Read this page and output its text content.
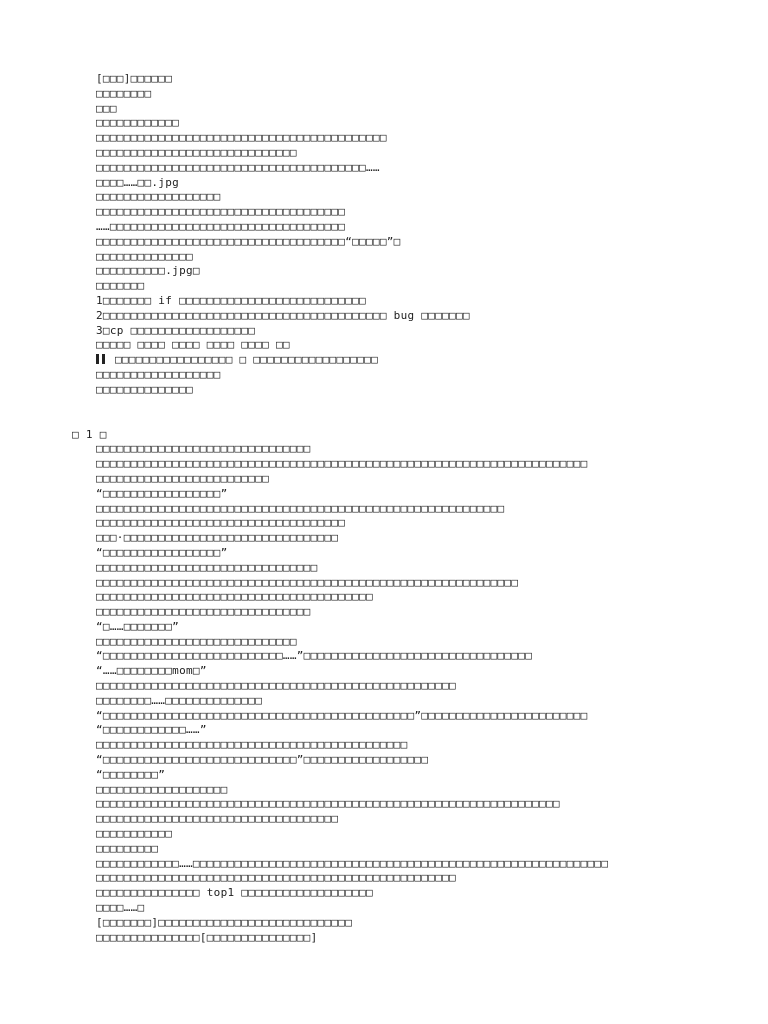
[□□□]□□□□□□
□□□□□□□□
□□□
□□□□□□□□□□□□
□□□□□□□□□□□□□□□□□□□□□□□□□□□□□□□□□□□□□□□□□□
□□□□□□□□□□□□□□□□□□□□□□□□□□□□□
□□□□□□□□□□□□□□□□□□□□□□□□□□□□□□□□□□□□□□□……
□□□□……□□.jpg
□□□□□□□□□□□□□□□□□□
□□□□□□□□□□□□□□□□□□□□□□□□□□□□□□□□□□□□
……□□□□□□□□□□□□□□□□□□□□□□□□□□□□□□□□□□
□□□□□□□□□□□□□□□□□□□□□□□□□□□□□□□□□□□□“□□□□□”□
□□□□□□□□□□□□□□
□□□□□□□□□□.jpg□
□□□□□□□
1□□□□□□□ if □□□□□□□□□□□□□□□□□□□□□□□□□□□
2□□□□□□□□□□□□□□□□□□□□□□□□□□□□□□□□□□□□□□□□□ bug □□□□□□□
3□cp □□□□□□□□□□□□□□□□□□
□□□□□ □□□□ □□□□ □□□□ □□□□ □□
□□□□□□□□□□□□□□□□□ □ □□□□□□□□□□□□□□□□□□
□□□□□□□□□□□□□□□□□□
□□□□□□□□□□□□□□
□ 1 □
□□□□□□□□□□□□□□□□□□□□□□□□□□□□□□□
□□□□□□□□□□□□□□□□□□□□□□□□□□□□□□□□□□□□□□□□□□□□□□□□□□□□□□□□□□□□□□□□□□□□□□□
□□□□□□□□□□□□□□□□□□□□□□□□□
“□□□□□□□□□□□□□□□□□”
□□□□□□□□□□□□□□□□□□□□□□□□□□□□□□□□□□□□□□□□□□□□□□□□□□□□□□□□□□□
□□□□□□□□□□□□□□□□□□□□□□□□□□□□□□□□□□□□
□□□·□□□□□□□□□□□□□□□□□□□□□□□□□□□□□□□
“□□□□□□□□□□□□□□□□□”
□□□□□□□□□□□□□□□□□□□□□□□□□□□□□□□□
□□□□□□□□□□□□□□□□□□□□□□□□□□□□□□□□□□□□□□□□□□□□□□□□□□□□□□□□□□□□□
□□□□□□□□□□□□□□□□□□□□□□□□□□□□□□□□□□□□□□□□
□□□□□□□□□□□□□□□□□□□□□□□□□□□□□□□
“□……□□□□□□□”
□□□□□□□□□□□□□□□□□□□□□□□□□□□□□
“□□□□□□□□□□□□□□□□□□□□□□□□□□……”□□□□□□□□□□□□□□□□□□□□□□□□□□□□□□□□□
“……□□□□□□□□mom□”
□□□□□□□□□□□□□□□□□□□□□□□□□□□□□□□□□□□□□□□□□□□□□□□□□□□□
□□□□□□□□……□□□□□□□□□□□□□□
“□□□□□□□□□□□□□□□□□□□□□□□□□□□□□□□□□□□□□□□□□□□□□”□□□□□□□□□□□□□□□□□□□□□□□□
“□□□□□□□□□□□□……”
□□□□□□□□□□□□□□□□□□□□□□□□□□□□□□□□□□□□□□□□□□□□□
“□□□□□□□□□□□□□□□□□□□□□□□□□□□□”□□□□□□□□□□□□□□□□□□
“□□□□□□□□”
□□□□□□□□□□□□□□□□□□□
□□□□□□□□□□□□□□□□□□□□□□□□□□□□□□□□□□□□□□□□□□□□□□□□□□□□□□□□□□□□□□□□□□□
□□□□□□□□□□□□□□□□□□□□□□□□□□□□□□□□□□□
□□□□□□□□□□□
□□□□□□□□□
□□□□□□□□□□□□……□□□□□□□□□□□□□□□□□□□□□□□□□□□□□□□□□□□□□□□□□□□□□□□□□□□□□□□□□□□□
□□□□□□□□□□□□□□□□□□□□□□□□□□□□□□□□□□□□□□□□□□□□□□□□□□□□
□□□□□□□□□□□□□□□ top1 □□□□□□□□□□□□□□□□□□□
□□□□……□
[□□□□□□□]□□□□□□□□□□□□□□□□□□□□□□□□□□□□
□□□□□□□□□□□□□□□[□□□□□□□□□□□□□□□]
